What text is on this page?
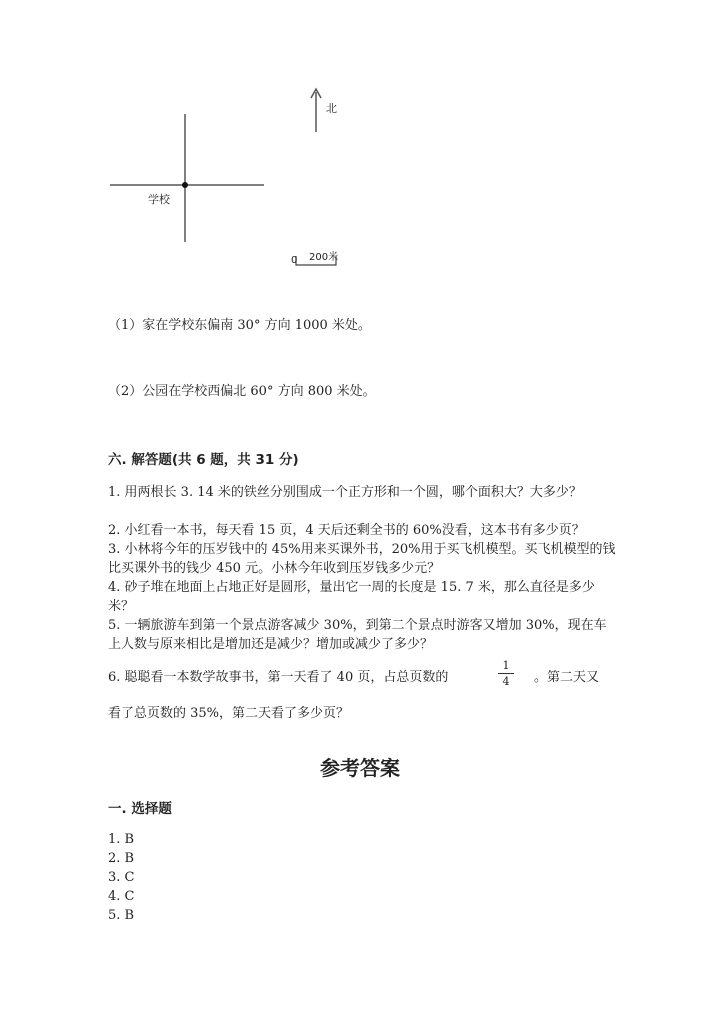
学校
北
0 200米
（1）家在学校东偏南 30° 方向 1000 米处。
（2）公园在学校西偏北 60° 方向 800 米处。
六. 解答题(共 6 题，共 31 分)
1. 用两根长 3. 14 米的铁丝分别围成一个正方形和一个圆，哪个面积大？大多少？
2. 小红看一本书，每天看 15 页，4 天后还剩全书的 60%没看，这本书有多少页？
3. 小林将今年的压岁钱中的 45%用来买课外书，20%用于买飞机模型。买飞机模型的钱比买课外书的钱少 450 元。小林今年收到压岁钱多少元？
4. 砂子堆在地面上占地正好是圆形，量出它一周的长度是 15. 7 米，那么直径是多少米？
5. 一辆旅游车到第一个景点游客减少 30%，到第二个景点时游客又增加 30%，现在车上人数与原来相比是增加还是减少？增加或减少了多少？
6. 聪聪看一本数学故事书，第一天看了 40 页，占总页数的
1
4	。第二天又
看了总页数的 35%，第二天看了多少页？
参考答案
一. 选择题
1. B
2. B
3. C
4. C
5. B
